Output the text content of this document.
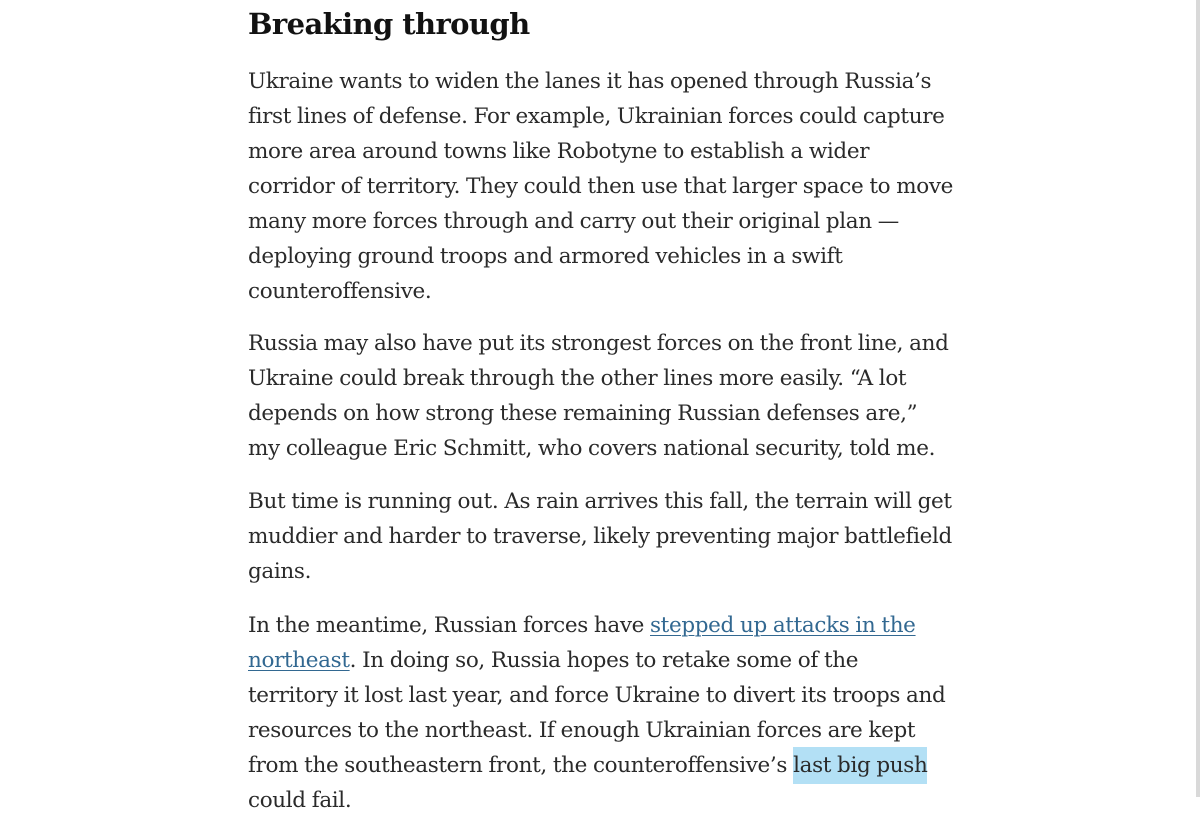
Breaking through

Ukraine wants to widen the lanes it has opened through Russia’s first lines of defense. For example, Ukrainian forces could capture more area around towns like Robotyne to establish a wider corridor of territory. They could then use that larger space to move many more forces through and carry out their original plan — deploying ground troops and armored vehicles in a swift counteroffensive.

Russia may also have put its strongest forces on the front line, and Ukraine could break through the other lines more easily. “A lot depends on how strong these remaining Russian defenses are,” my colleague Eric Schmitt, who covers national security, told me.

But time is running out. As rain arrives this fall, the terrain will get muddier and harder to traverse, likely preventing major battlefield gains.

In the meantime, Russian forces have stepped up attacks in the northeast. In doing so, Russia hopes to retake some of the territory it lost last year, and force Ukraine to divert its troops and resources to the northeast. If enough Ukrainian forces are kept from the southeastern front, the counteroffensive’s last big push could fail.
